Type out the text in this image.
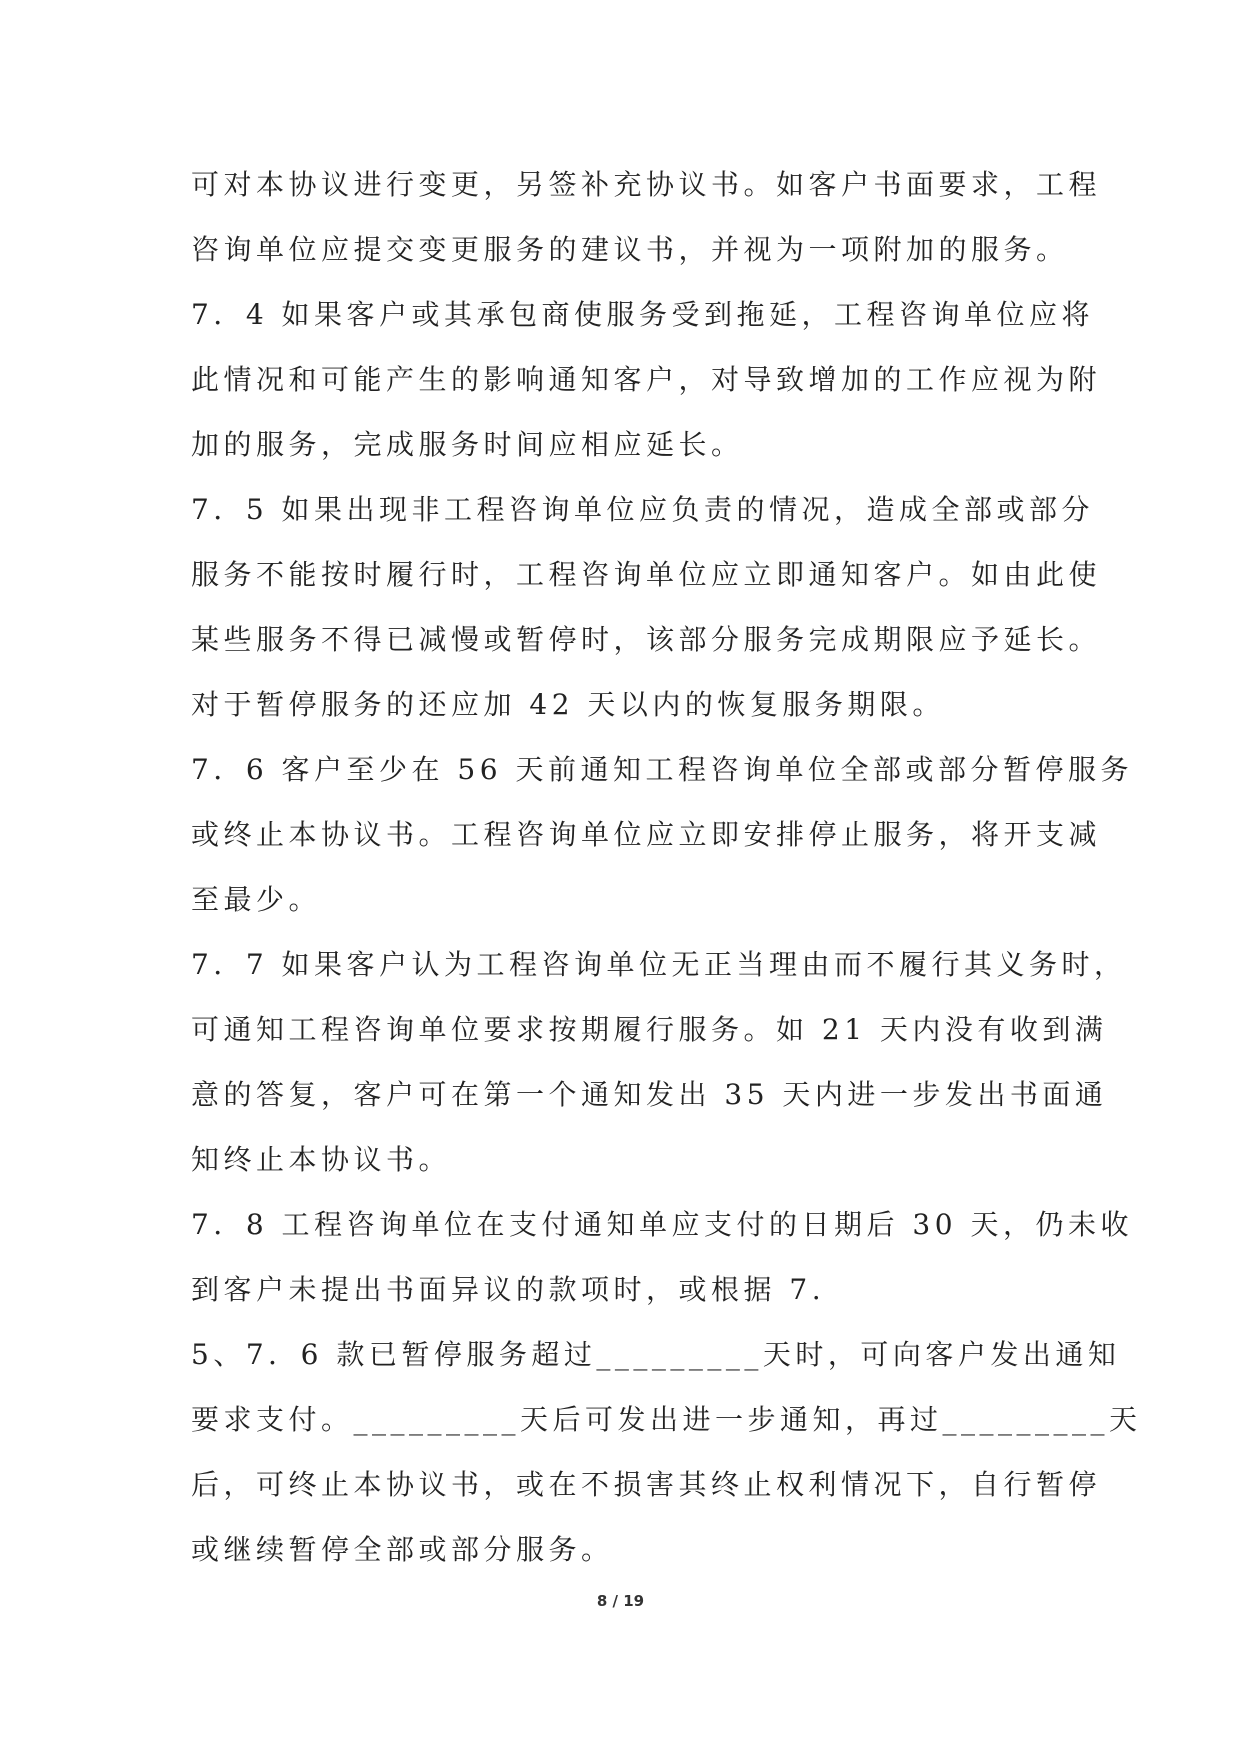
可对本协议进行变更，另签补充协议书。如客户书面要求，工程
咨询单位应提交变更服务的建议书，并视为一项附加的服务。
7．4 如果客户或其承包商使服务受到拖延，工程咨询单位应将
此情况和可能产生的影响通知客户，对导致增加的工作应视为附
加的服务，完成服务时间应相应延长。
7．5 如果出现非工程咨询单位应负责的情况，造成全部或部分
服务不能按时履行时，工程咨询单位应立即通知客户。如由此使
某些服务不得已减慢或暂停时，该部分服务完成期限应予延长。
对于暂停服务的还应加 42 天以内的恢复服务期限。
7．6 客户至少在 56 天前通知工程咨询单位全部或部分暂停服务
或终止本协议书。工程咨询单位应立即安排停止服务，将开支减
至最少。
7．7 如果客户认为工程咨询单位无正当理由而不履行其义务时，
可通知工程咨询单位要求按期履行服务。如 21 天内没有收到满
意的答复，客户可在第一个通知发出 35 天内进一步发出书面通
知终止本协议书。
7．8 工程咨询单位在支付通知单应支付的日期后 30 天，仍未收
到客户未提出书面异议的款项时，或根据 7.
5、7．6 款已暂停服务超过_________天时，可向客户发出通知
要求支付。_________天后可发出进一步通知，再过_________天
后，可终止本协议书，或在不损害其终止权利情况下，自行暂停
或继续暂停全部或部分服务。
8 / 19
